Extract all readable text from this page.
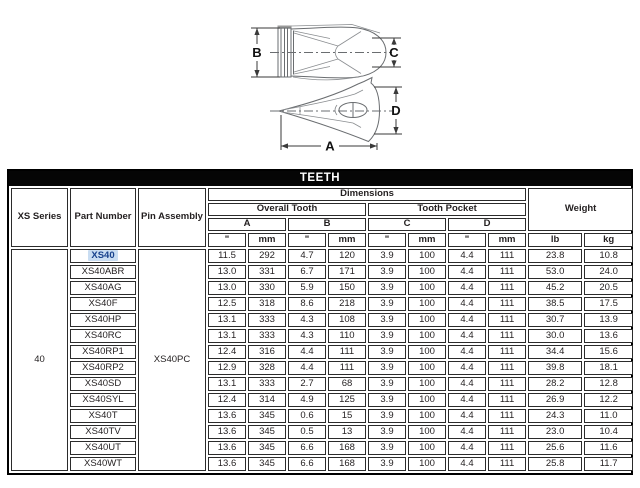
B	C
D
A
TEETH
XS Series	Part Number	Pin Assembly	Dimensions								Weight	
			Overall Tooth				Tooth Pocket					
			A		B		C		D			
			"	mm	"	mm	"	mm	"	mm	lb	kg
40	XS40	XS40PC	11.5	292	4.7	120	3.9	100	4.4	111	23.8	10.8
	XS40ABR		13.0	331	6.7	171	3.9	100	4.4	111	53.0	24.0
	XS40AG		13.0	330	5.9	150	3.9	100	4.4	111	45.2	20.5
	XS40F		12.5	318	8.6	218	3.9	100	4.4	111	38.5	17.5
	XS40HP		13.1	333	4.3	108	3.9	100	4.4	111	30.7	13.9
	XS40RC		13.1	333	4.3	110	3.9	100	4.4	111	30.0	13.6
	XS40RP1		12.4	316	4.4	111	3.9	100	4.4	111	34.4	15.6
	XS40RP2		12.9	328	4.4	111	3.9	100	4.4	111	39.8	18.1
	XS40SD		13.1	333	2.7	68	3.9	100	4.4	111	28.2	12.8
	XS40SYL		12.4	314	4.9	125	3.9	100	4.4	111	26.9	12.2
	XS40T		13.6	345	0.6	15	3.9	100	4.4	111	24.3	11.0
	XS40TV		13.6	345	0.5	13	3.9	100	4.4	111	23.0	10.4
	XS40UT		13.6	345	6.6	168	3.9	100	4.4	111	25.6	11.6
	XS40WT		13.6	345	6.6	168	3.9	100	4.4	111	25.8	11.7
